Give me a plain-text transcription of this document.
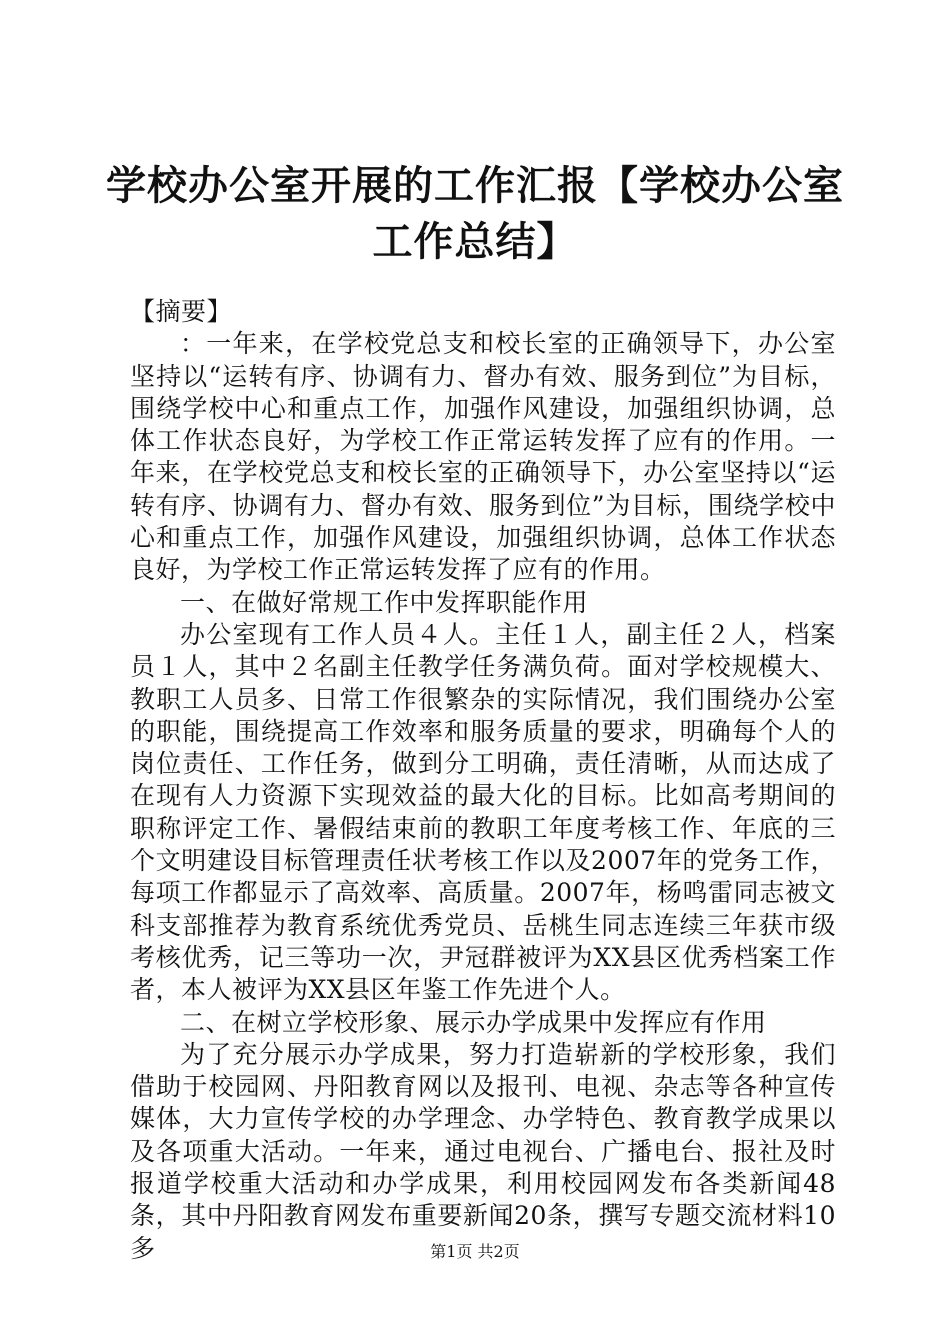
学校办公室开展的工作汇报【学校办公室工作总结】

【摘要】

：一年来，在学校党总支和校长室的正确领导下，办公室坚持以“运转有序、协调有力、督办有效、服务到位”为目标，围绕学校中心和重点工作，加强作风建设，加强组织协调，总体工作状态良好，为学校工作正常运转发挥了应有的作用。一年来，在学校党总支和校长室的正确领导下，办公室坚持以“运转有序、协调有力、督办有效、服务到位”为目标，围绕学校中心和重点工作，加强作风建设，加强组织协调，总体工作状态良好，为学校工作正常运转发挥了应有的作用。

一、在做好常规工作中发挥职能作用

办公室现有工作人员４人。主任１人，副主任２人，档案员１人，其中２名副主任教学任务满负荷。面对学校规模大、教职工人员多、日常工作很繁杂的实际情况，我们围绕办公室的职能，围绕提高工作效率和服务质量的要求，明确每个人的岗位责任、工作任务，做到分工明确，责任清晰，从而达成了在现有人力资源下实现效益的最大化的目标。比如高考期间的职称评定工作、暑假结束前的教职工年度考核工作、年底的三个文明建设目标管理责任状考核工作以及2007年的党务工作，每项工作都显示了高效率、高质量。2007年，杨鸣雷同志被文科支部推荐为教育系统优秀党员、岳桃生同志连续三年获市级考核优秀，记三等功一次，尹冠群被评为XX县区优秀档案工作者，本人被评为XX县区年鉴工作先进个人。

二、在树立学校形象、展示办学成果中发挥应有作用

为了充分展示办学成果，努力打造崭新的学校形象，我们借助于校园网、丹阳教育网以及报刊、电视、杂志等各种宣传媒体，大力宣传学校的办学理念、办学特色、教育教学成果以及各项重大活动。一年来，通过电视台、广播电台、报社及时报道学校重大活动和办学成果，利用校园网发布各类新闻48条，其中丹阳教育网发布重要新闻20条，撰写专题交流材料10多	第1页 共2页
